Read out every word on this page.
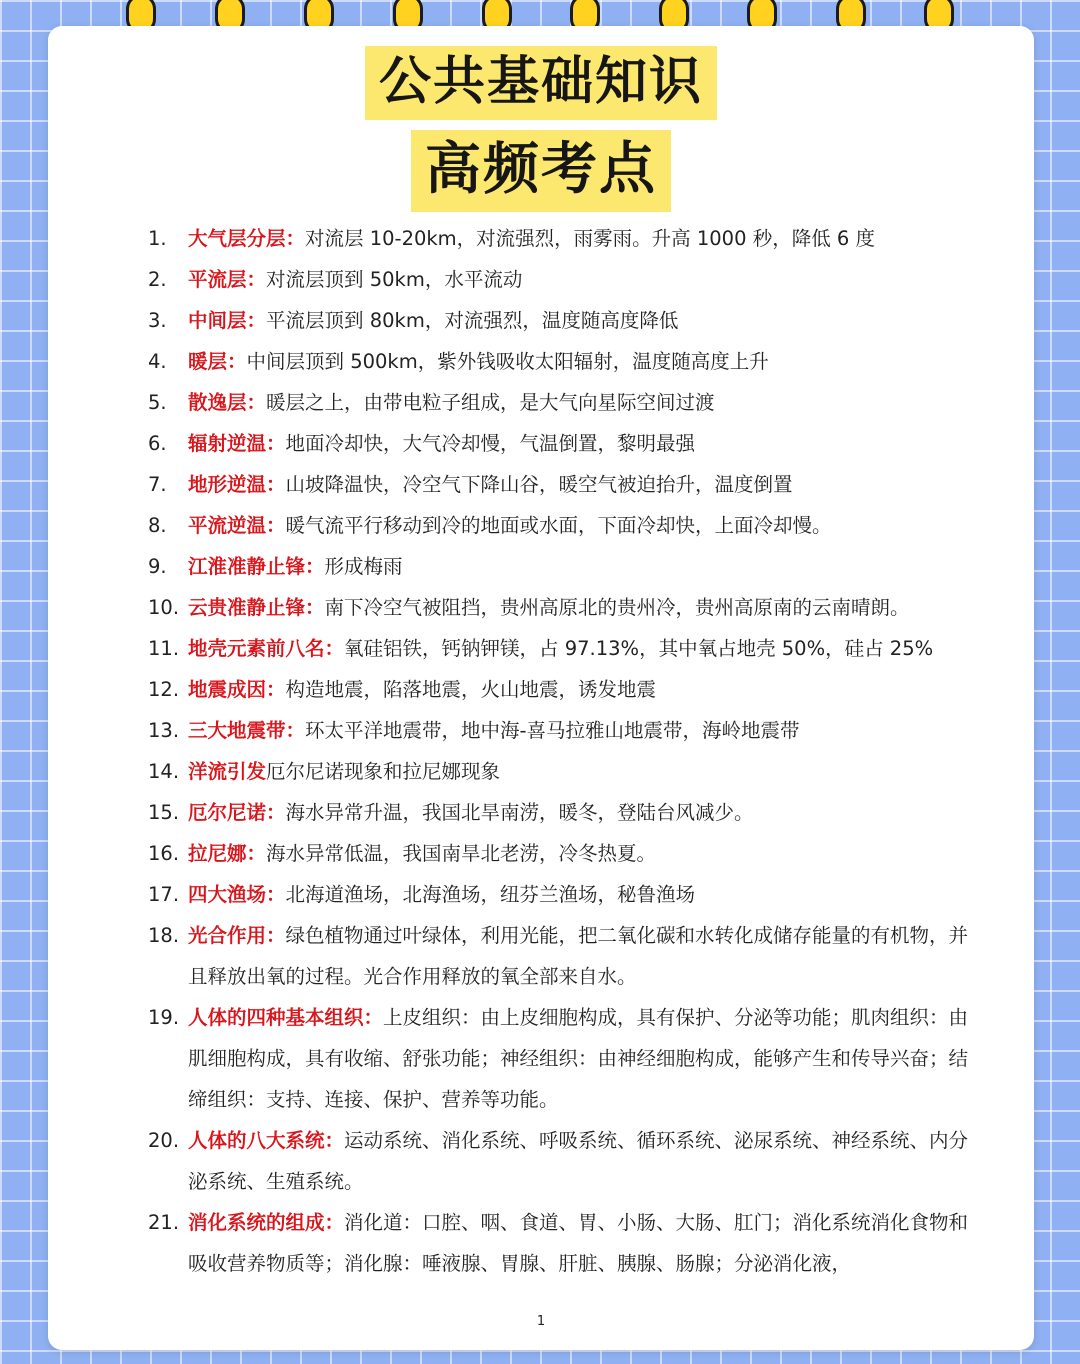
公共基础知识
高频考点
1. 大气层分层：对流层 10-20km，对流强烈，雨雾雨。升高 1000 秒，降低 6 度
2. 平流层：对流层顶到 50km，水平流动
3. 中间层：平流层顶到 80km，对流强烈，温度随高度降低
4. 暖层：中间层顶到 500km，紫外钱吸收太阳辐射，温度随高度上升
5. 散逸层：暖层之上，由带电粒子组成，是大气向星际空间过渡
6. 辐射逆温：地面冷却快，大气冷却慢，气温倒置，黎明最强
7. 地形逆温：山坡降温快，冷空气下降山谷，暖空气被迫抬升，温度倒置
8. 平流逆温：暖气流平行移动到冷的地面或水面，下面冷却快，上面冷却慢。
9. 江淮准静止锋：形成梅雨
10. 云贵准静止锋：南下冷空气被阻挡，贵州高原北的贵州冷，贵州高原南的云南晴朗。
11. 地壳元素前八名：氧硅铝铁，钙钠钾镁，占 97.13%，其中氧占地壳 50%，硅占 25%
12. 地震成因：构造地震，陷落地震，火山地震，诱发地震
13. 三大地震带：环太平洋地震带，地中海-喜马拉雅山地震带，海岭地震带
14. 洋流引发厄尔尼诺现象和拉尼娜现象
15. 厄尔尼诺：海水异常升温，我国北旱南涝，暖冬，登陆台风减少。
16. 拉尼娜：海水异常低温，我国南旱北老涝，冷冬热夏。
17. 四大渔场：北海道渔场，北海渔场，纽芬兰渔场，秘鲁渔场
18. 光合作用：绿色植物通过叶绿体，利用光能，把二氧化碳和水转化成储存能量的有机物，并且释放出氧的过程。光合作用释放的氧全部来自水。
19. 人体的四种基本组织：上皮组织：由上皮细胞构成，具有保护、分泌等功能；肌肉组织：由肌细胞构成，具有收缩、舒张功能；神经组织：由神经细胞构成，能够产生和传导兴奋；结缔组织：支持、连接、保护、营养等功能。
20. 人体的八大系统：运动系统、消化系统、呼吸系统、循环系统、泌尿系统、神经系统、内分泌系统、生殖系统。
21. 消化系统的组成：消化道：口腔、咽、食道、胃、小肠、大肠、肛门；消化系统消化食物和吸收营养物质等；消化腺：唾液腺、胃腺、肝脏、胰腺、肠腺；分泌消化液，
1
